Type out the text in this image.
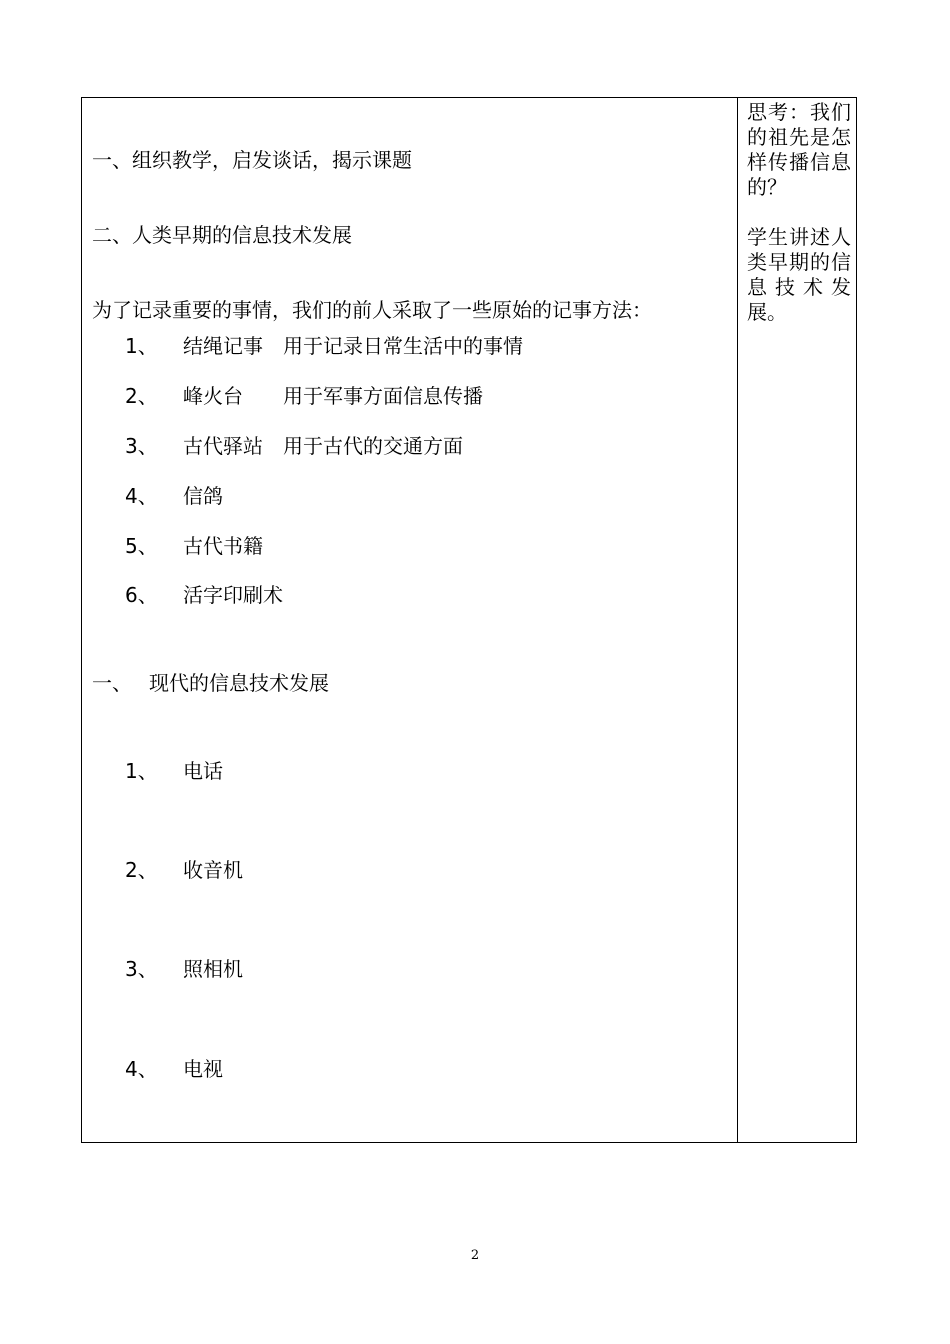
一、组织教学，启发谈话，揭示课题
二、人类早期的信息技术发展
为了记录重要的事情，我们的前人采取了一些原始的记事方法：
1、 结绳记事　用于记录日常生活中的事情
2、 峰火台　　用于军事方面信息传播
3、 古代驿站　用于古代的交通方面
4、 信鸽
5、 古代书籍
6、 活字印刷术
一、 现代的信息技术发展
1、 电话
2、 收音机
3、 照相机
4、 电视
思考：我们的祖先是怎样传播信息的？
学生讲述人类早期的信息技术发展。
2
